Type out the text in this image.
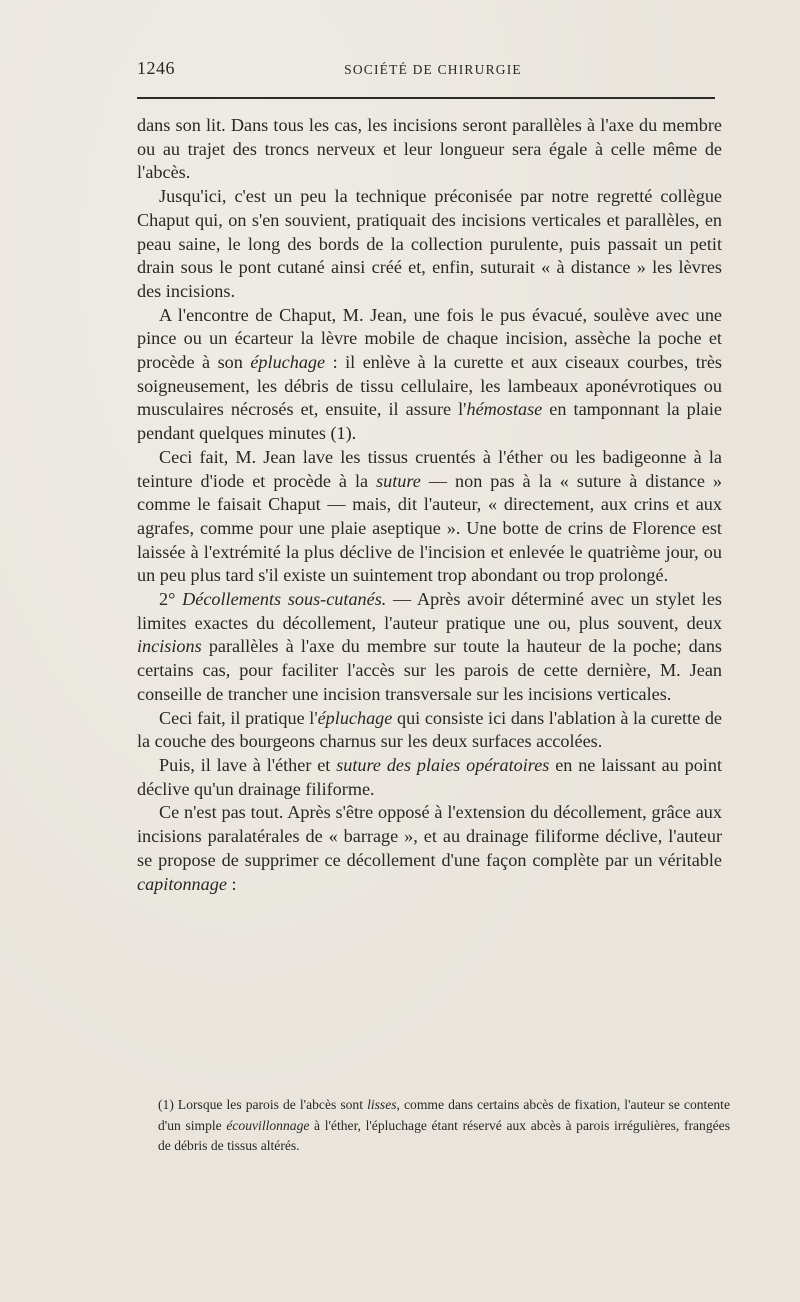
1246	SOCIÉTÉ DE CHIRURGIE

dans son lit. Dans tous les cas, les incisions seront parallèles à l'axe du membre ou au trajet des troncs nerveux et leur longueur sera égale à celle même de l'abcès.

Jusqu'ici, c'est un peu la technique préconisée par notre regretté collègue Chaput qui, on s'en souvient, pratiquait des incisions verticales et parallèles, en peau saine, le long des bords de la collection purulente, puis passait un petit drain sous le pont cutané ainsi créé et, enfin, suturait « à distance » les lèvres des incisions.

A l'encontre de Chaput, M. Jean, une fois le pus évacué, soulève avec une pince ou un écarteur la lèvre mobile de chaque incision, assèche la poche et procède à son épluchage : il enlève à la curette et aux ciseaux courbes, très soigneusement, les débris de tissu cellulaire, les lambeaux aponévrotiques ou musculaires nécrosés et, ensuite, il assure l'hémostase en tamponnant la plaie pendant quelques minutes (1).

Ceci fait, M. Jean lave les tissus cruentés à l'éther ou les badigeonne à la teinture d'iode et procède à la suture — non pas à la « suture à distance » comme le faisait Chaput — mais, dit l'auteur, « directement, aux crins et aux agrafes, comme pour une plaie aseptique ». Une botte de crins de Florence est laissée à l'extrémité la plus déclive de l'incision et enlevée le quatrième jour, ou un peu plus tard s'il existe un suintement trop abondant ou trop prolongé.

2° Décollements sous-cutanés. — Après avoir déterminé avec un stylet les limites exactes du décollement, l'auteur pratique une ou, plus souvent, deux incisions parallèles à l'axe du membre sur toute la hauteur de la poche; dans certains cas, pour faciliter l'accès sur les parois de cette dernière, M. Jean conseille de trancher une incision transversale sur les incisions verticales.

Ceci fait, il pratique l'épluchage qui consiste ici dans l'ablation à la curette de la couche des bourgeons charnus sur les deux surfaces accolées.

Puis, il lave à l'éther et suture des plaies opératoires en ne laissant au point déclive qu'un drainage filiforme.

Ce n'est pas tout. Après s'être opposé à l'extension du décollement, grâce aux incisions paralatérales de « barrage », et au drainage filiforme déclive, l'auteur se propose de supprimer ce décollement d'une façon complète par un véritable capitonnage :

(1) Lorsque les parois de l'abcès sont lisses, comme dans certains abcès de fixation, l'auteur se contente d'un simple écouvillonnage à l'éther, l'épluchage étant réservé aux abcès à parois irrégulières, frangées de débris de tissus altérés.
